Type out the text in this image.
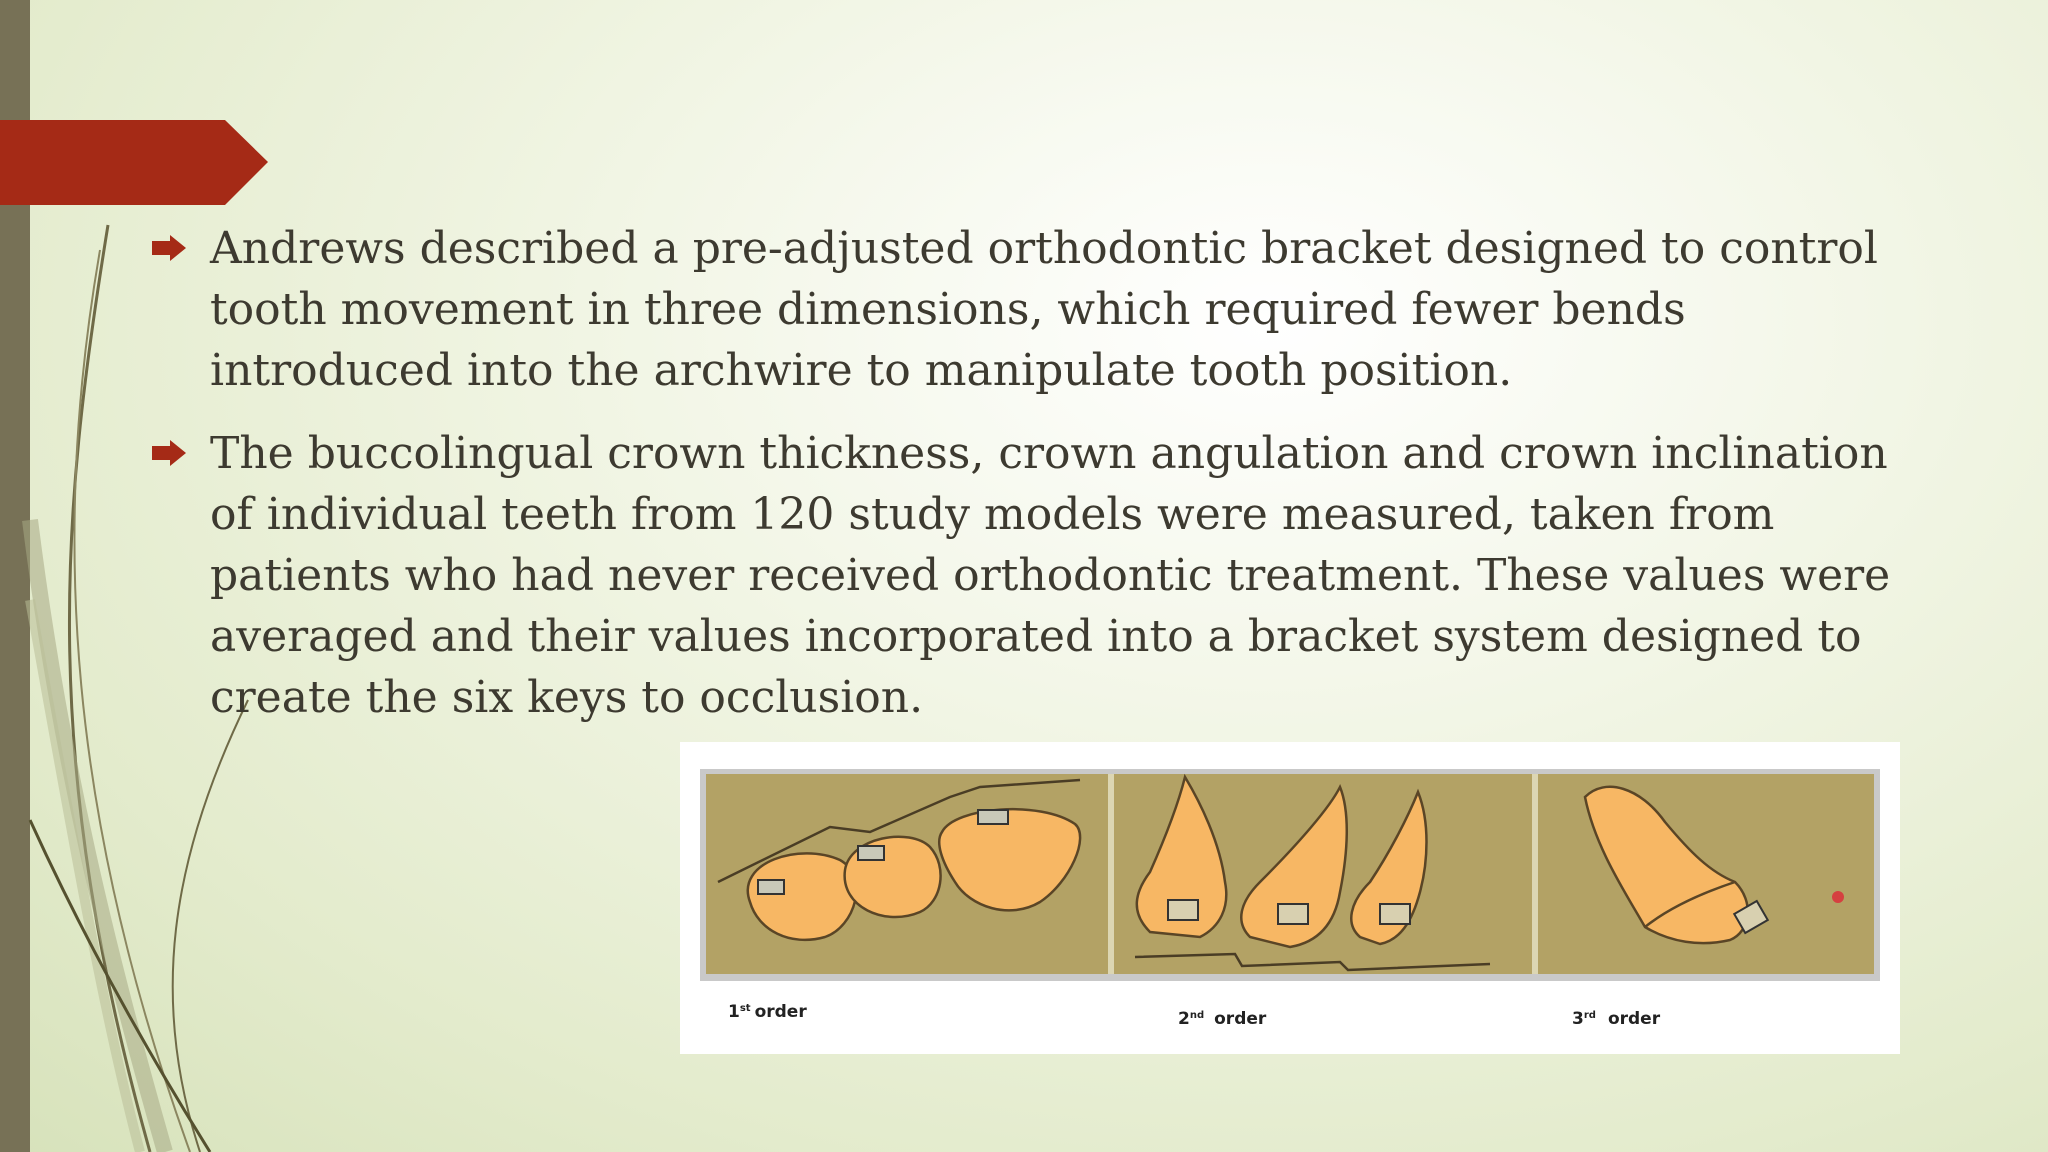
Andrews described a pre-adjusted orthodontic bracket designed to control tooth movement in three dimensions, which required fewer bends introduced into the archwire to manipulate tooth position.

The buccolingual crown thickness, crown angulation and crown inclination of individual teeth from 120 study models were measured, taken from patients who had never received orthodontic treatment. These values were averaged and their values incorporated into a bracket system designed to create the six keys to occlusion.

1st order	2nd order	3rd order
